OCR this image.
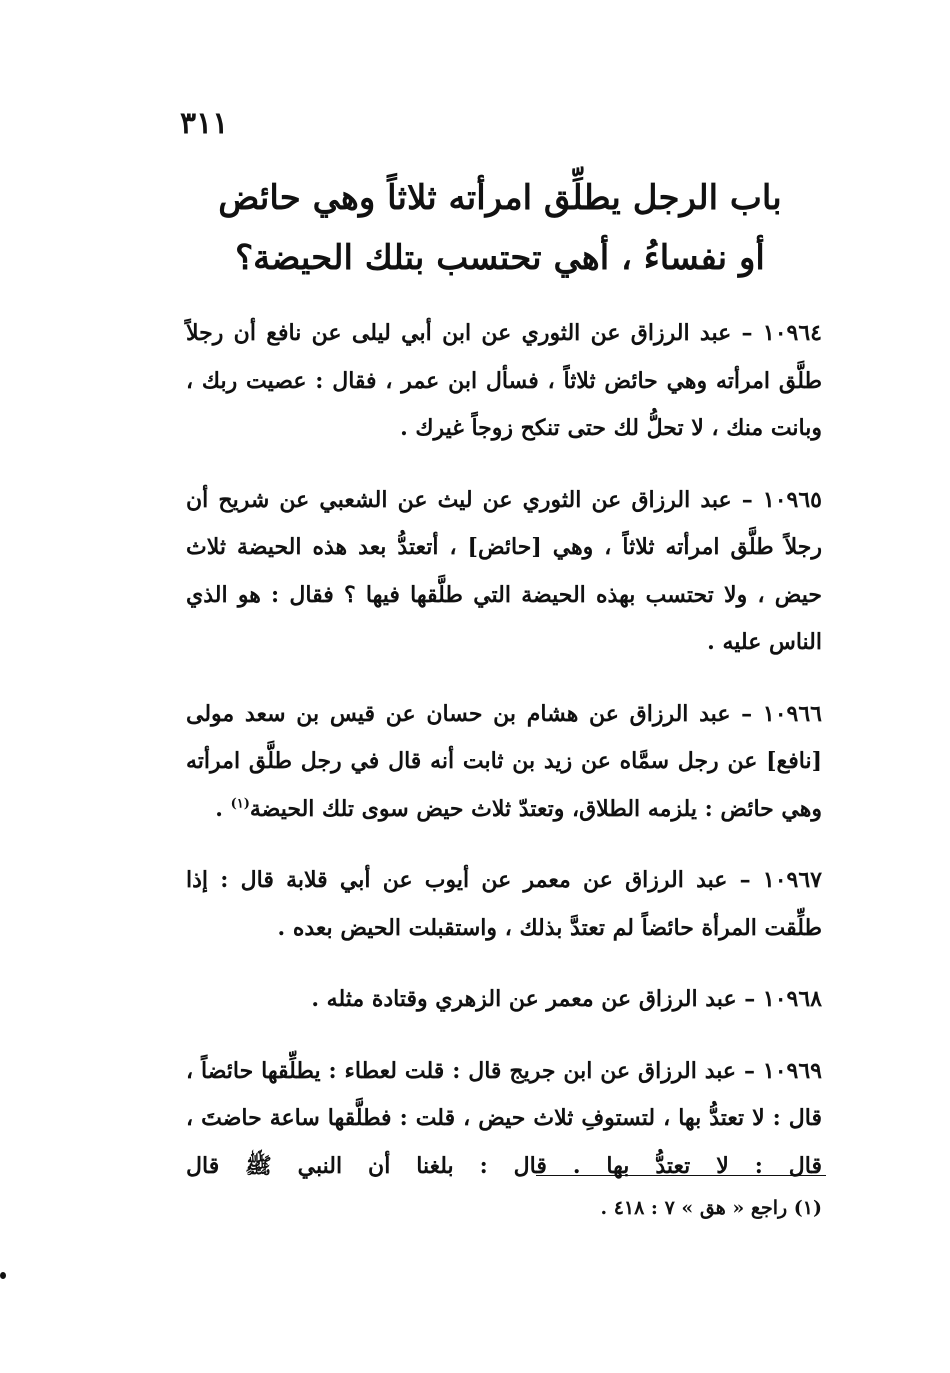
٣١١
باب الرجل يطلِّق امرأته ثلاثاً وهي حائض
أو نفساءُ ، أهي تحتسب بتلك الحيضة؟

١٠٩٦٤ – عبد الرزاق عن الثوري عن ابن أبي ليلى عن نافع أن رجلاً طلَّق امرأته وهي حائض ثلاثاً ، فسأل ابن عمر ، فقال : عصيت ربك ، وبانت منك ، لا تحلُّ لك حتى تنكح زوجاً غيرك .

١٠٩٦٥ – عبد الرزاق عن الثوري عن ليث عن الشعبي عن شريح أن رجلاً طلَّق امرأته ثلاثاً ، وهي [حائض] ، أتعتدُّ بعد هذه الحيضة ثلاث حيض ، ولا تحتسب بهذه الحيضة التي طلَّقها فيها ؟ فقال : هو الذي الناس عليه .

١٠٩٦٦ – عبد الرزاق عن هشام بن حسان عن قيس بن سعد مولى [نافع] عن رجل سمَّاه عن زيد بن ثابت أنه قال في رجل طلَّق امرأته وهي حائض : يلزمه الطلاق، وتعتدّ ثلاث حيض سوى تلك الحيضة$^{(١)}$ .

١٠٩٦٧ – عبد الرزاق عن معمر عن أيوب عن أبي قلابة قال : إذا طلِّقت المرأة حائضاً لم تعتدَّ بذلك ، واستقبلت الحيض بعده .

١٠٩٦٨ – عبد الرزاق عن معمر عن الزهري وقتادة مثله .

١٠٩٦٩ – عبد الرزاق عن ابن جريج قال : قلت لعطاء : يطلِّقها حائضاً ، قال : لا تعتدُّ بها ، لتستوفِ ثلاث حيض ، قلت : فطلَّقها ساعة حاضتَ ، قال : لا تعتدُّ بها . قال : بلغنا أن النبي ﷺ قال

(١) راجع « هق » ٧ : ٤١٨ .
